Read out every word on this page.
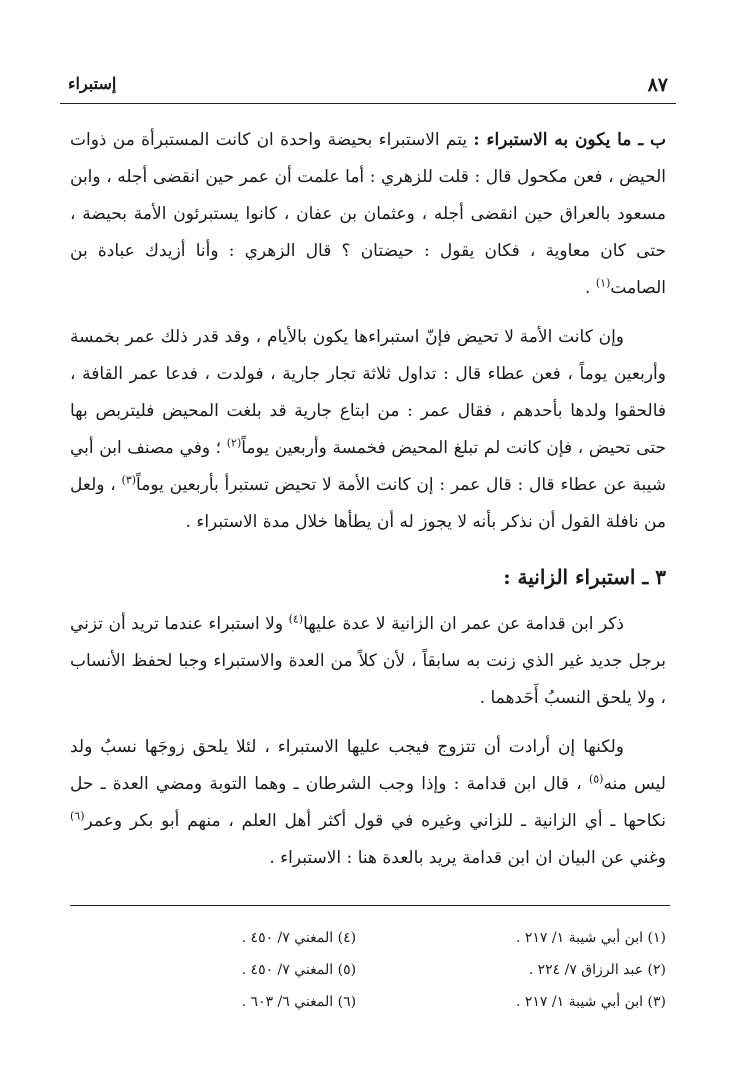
٨٧
إستبراء

ب ـ ما يكون به الاستبراء : يتم الاستبراء بحيضة واحدة ان كانت المستبرأة من ذوات الحيض ، فعن مكحول قال : قلت للزهري : أما علمت أن عمر حين انقضى أجله ، وابن مسعود بالعراق حين انقضى أجله ، وعثمان بن عفان ، كانوا يستبرئون الأمة بحيضة ، حتى كان معاوية ، فكان يقول : حيضتان ؟ قال الزهري : وأنا أزيدك عبادة بن الصامت$^{(١)}$ .

وإن كانت الأمة لا تحيض فإنّ استبراءها يكون بالأيام ، وقد قدر ذلك عمر بخمسة وأربعين يوماً ، فعن عطاء قال : تداول ثلاثة تجار جارية ، فولدت ، فدعا عمر القافة ، فالحقوا ولدها بأحدهم ، فقال عمر : من ابتاع جارية قد بلغت المحيض فليتربص بها حتى تحيض ، فإن كانت لم تبلغ المحيض فخمسة وأربعين يوماً$^{(٢)}$ ؛ وفي مصنف ابن أبي شيبة عن عطاء قال : قال عمر : إن كانت الأمة لا تحيض تستبرأ بأربعين يوماً$^{(٣)}$ ، ولعل من نافلة القول أن نذكر بأنه لا يجوز له أن يطأها خلال مدة الاستبراء .

٣ ـ استبراء الزانية :

ذكر ابن قدامة عن عمر ان الزانية لا عدة عليها$^{(٤)}$ ولا استبراء عندما تريد أن تزني برجل جديد غير الذي زنت به سابقاً ، لأن كلاً من العدة والاستبراء وجبا لحفظ الأنساب ، ولا يلحق النسبُ أَحَدهما .

ولكنها إن أرادت أن تتزوج فيجب عليها الاستبراء ، لئلا يلحق زوجَها نسبُ ولد ليس منه$^{(٥)}$ ، قال ابن قدامة : وإذا وجب الشرطان ـ وهما التوبة ومضي العدة ـ حل نكاحها ـ أي الزانية ـ للزاني وغيره في قول أكثر أهل العلم ، منهم أبو بكر وعمر$^{(٦)}$ وغني عن البيان ان ابن قدامة يريد بالعدة هنا : الاستبراء .

(١) ابن أبي شيبة ١/ ٢١٧ .
(٢) عبد الرزاق ٧/ ٢٢٤ .
(٣) ابن أبي شيبة ١/ ٢١٧ .
(٤) المغني ٧/ ٤٥٠ .
(٥) المغني ٧/ ٤٥٠ .
(٦) المغني ٦/ ٦٠٣ .
